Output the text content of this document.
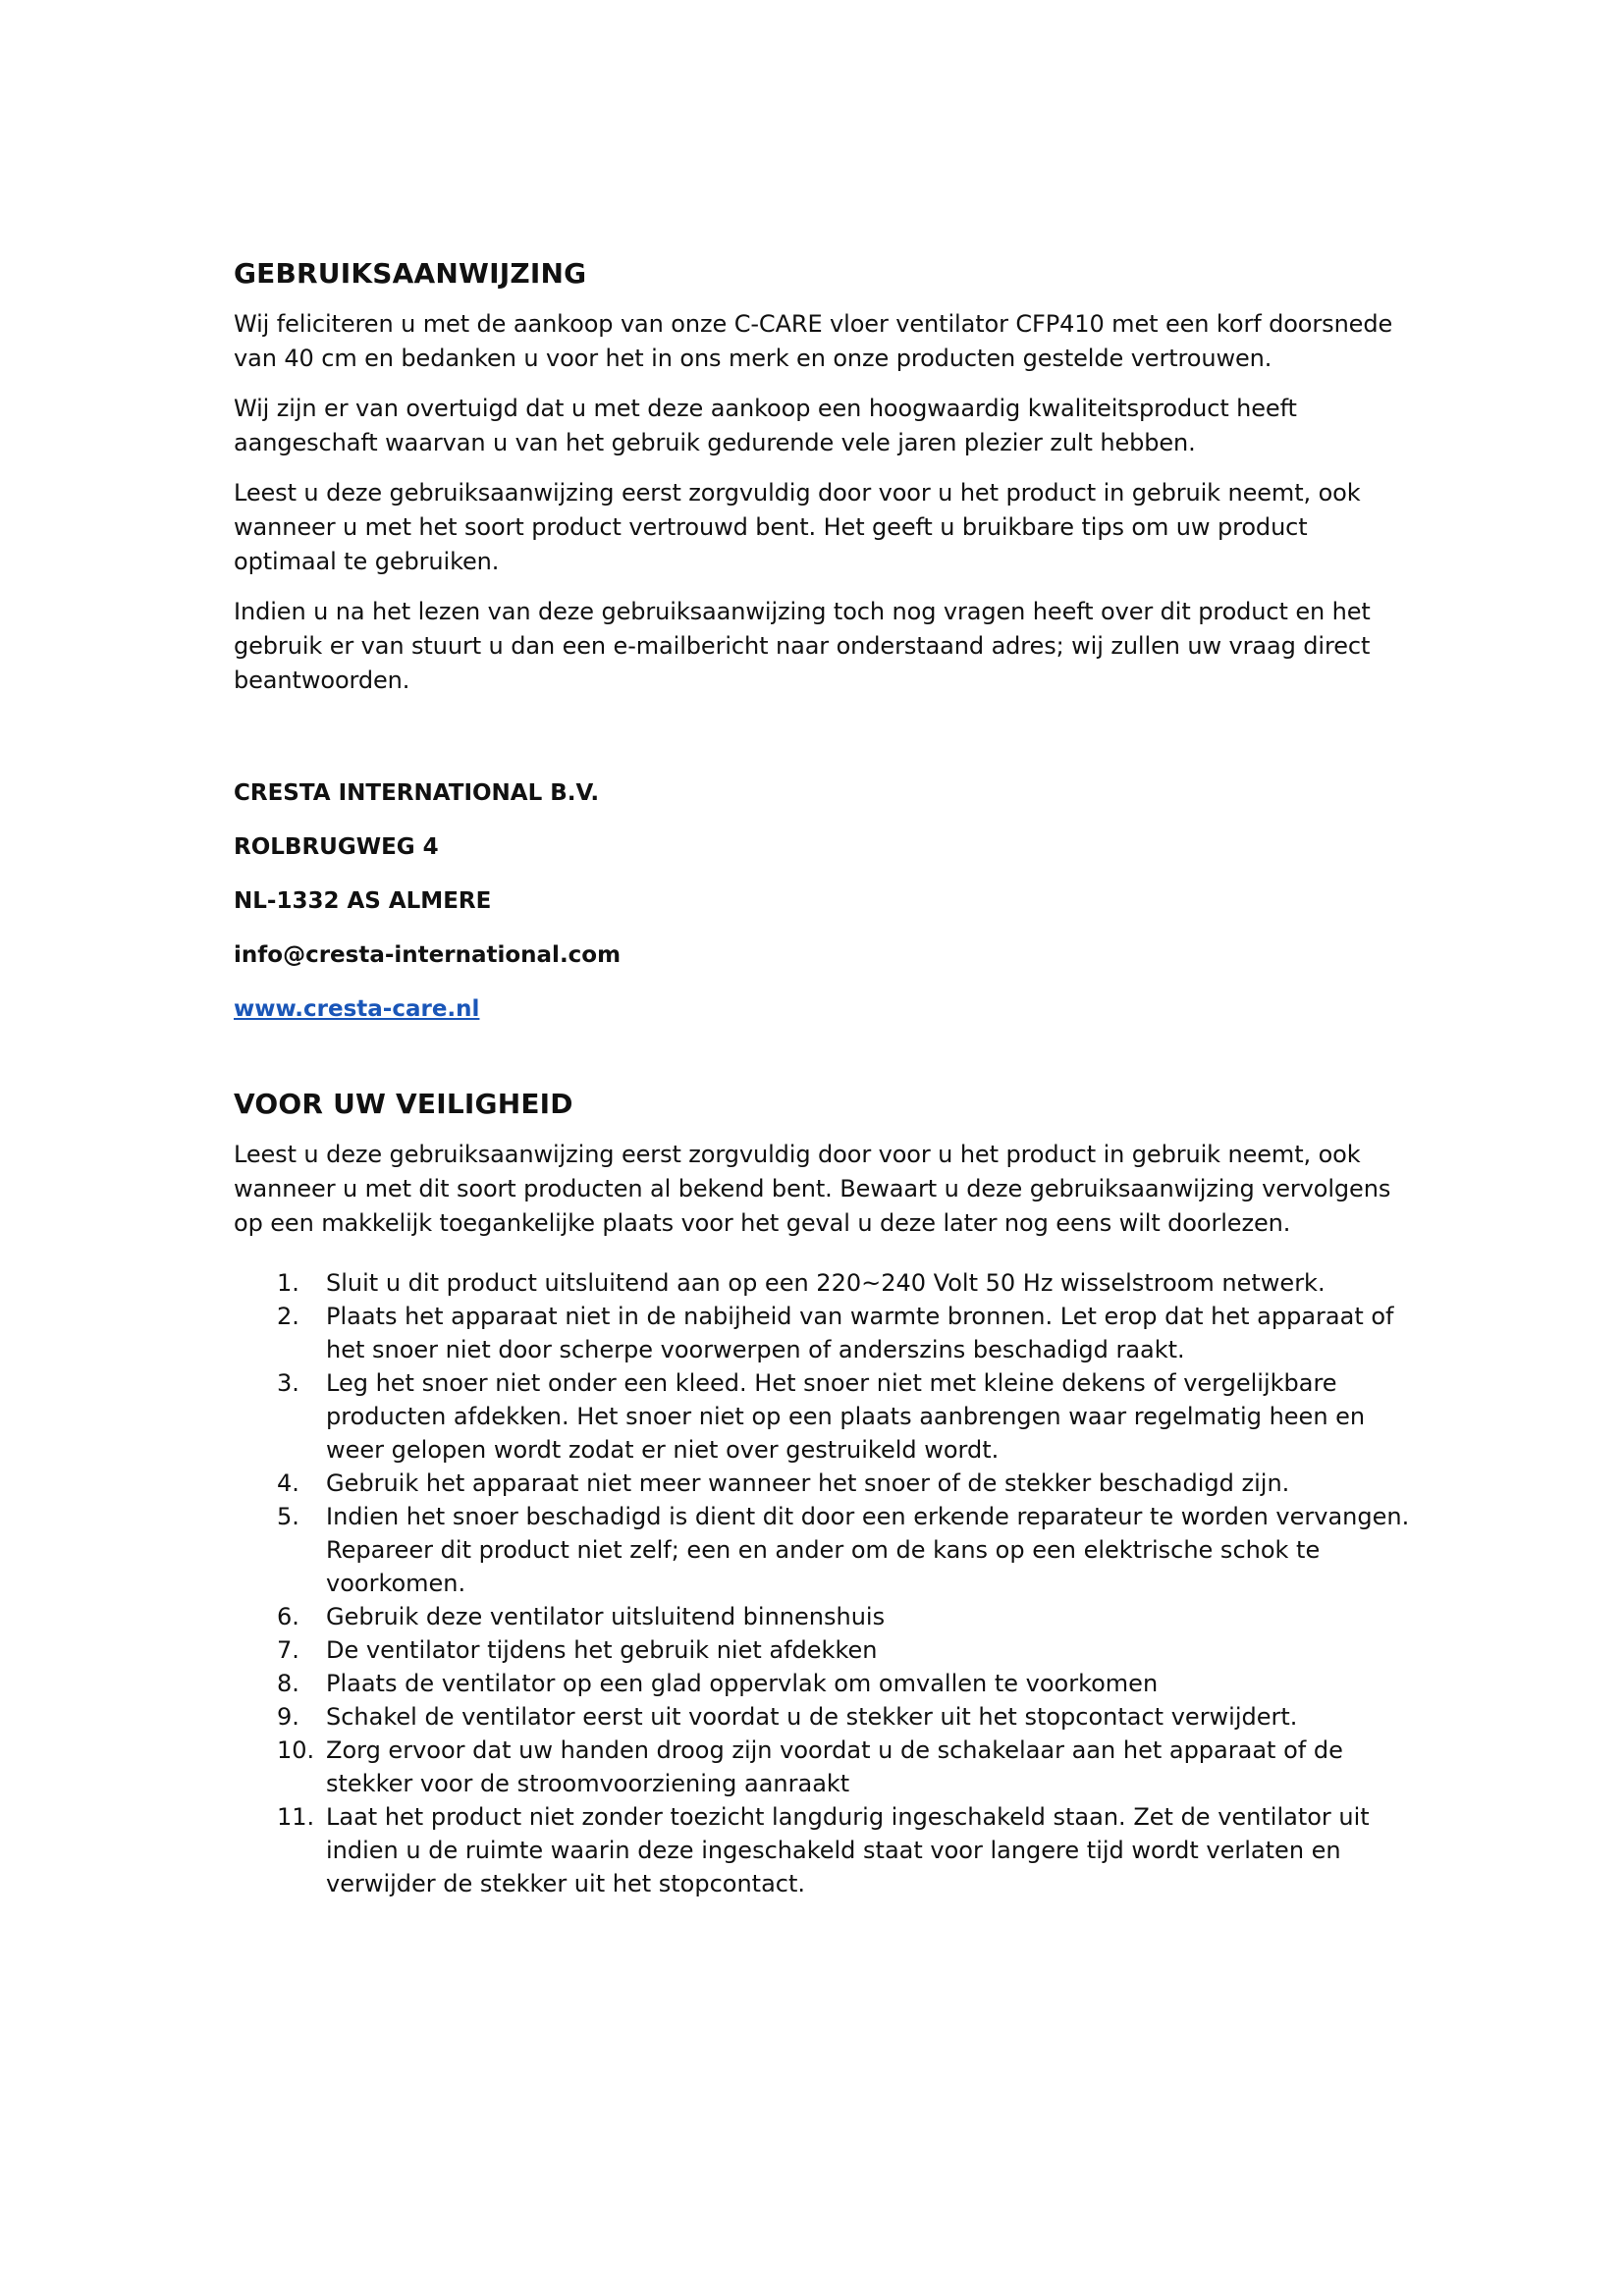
GEBRUIKSAANWIJZING

Wij feliciteren u met de aankoop van onze C-CARE vloer ventilator CFP410 met een korf doorsnede van 40 cm en bedanken u voor het in ons merk en onze producten gestelde vertrouwen.

Wij zijn er van overtuigd dat u met deze aankoop een hoogwaardig kwaliteitsproduct heeft aangeschaft waarvan u van het gebruik gedurende vele jaren plezier zult hebben.

Leest u deze gebruiksaanwijzing eerst zorgvuldig door voor u het product in gebruik neemt, ook wanneer u met het soort product vertrouwd bent. Het geeft u bruikbare tips om uw product optimaal te gebruiken.

Indien u na het lezen van deze gebruiksaanwijzing toch nog vragen heeft over dit product en het gebruik er van stuurt u dan een e-mailbericht naar onderstaand adres; wij zullen uw vraag direct beantwoorden.

CRESTA INTERNATIONAL B.V.

ROLBRUGWEG 4

NL-1332 AS ALMERE

info@cresta-international.com

www.cresta-care.nl

VOOR UW VEILIGHEID

Leest u deze gebruiksaanwijzing eerst zorgvuldig door voor u het product in gebruik neemt, ook wanneer u met dit soort producten al bekend bent. Bewaart u deze gebruiksaanwijzing vervolgens op een makkelijk toegankelijke plaats voor het geval u deze later nog eens wilt doorlezen.

1.	Sluit u dit product uitsluitend aan op een 220~240 Volt 50 Hz wisselstroom netwerk.
2.	Plaats het apparaat niet in de nabijheid van warmte bronnen. Let erop dat het apparaat of het snoer niet door scherpe voorwerpen of anderszins beschadigd raakt.
3.	Leg het snoer niet onder een kleed. Het snoer niet met kleine dekens of vergelijkbare producten afdekken. Het snoer niet op een plaats aanbrengen waar regelmatig heen en weer gelopen wordt zodat er niet over gestruikeld wordt.
4.	Gebruik het apparaat niet meer wanneer het snoer of de stekker beschadigd zijn.
5.	Indien het snoer beschadigd is dient dit door een erkende reparateur te worden vervangen. Repareer dit product niet zelf; een en ander om de kans op een elektrische schok te voorkomen.
6.	Gebruik deze ventilator uitsluitend binnenshuis
7.	De ventilator tijdens het gebruik niet afdekken
8.	Plaats de ventilator op een glad oppervlak om omvallen te voorkomen
9.	Schakel de ventilator eerst uit voordat u de stekker uit het stopcontact verwijdert.
10. Zorg ervoor dat uw handen droog zijn voordat u de schakelaar aan het apparaat of de stekker voor de stroomvoorziening aanraakt
11. Laat het product niet zonder toezicht langdurig ingeschakeld staan. Zet de ventilator uit indien u de ruimte waarin deze ingeschakeld staat voor langere tijd wordt verlaten en verwijder de stekker uit het stopcontact.
